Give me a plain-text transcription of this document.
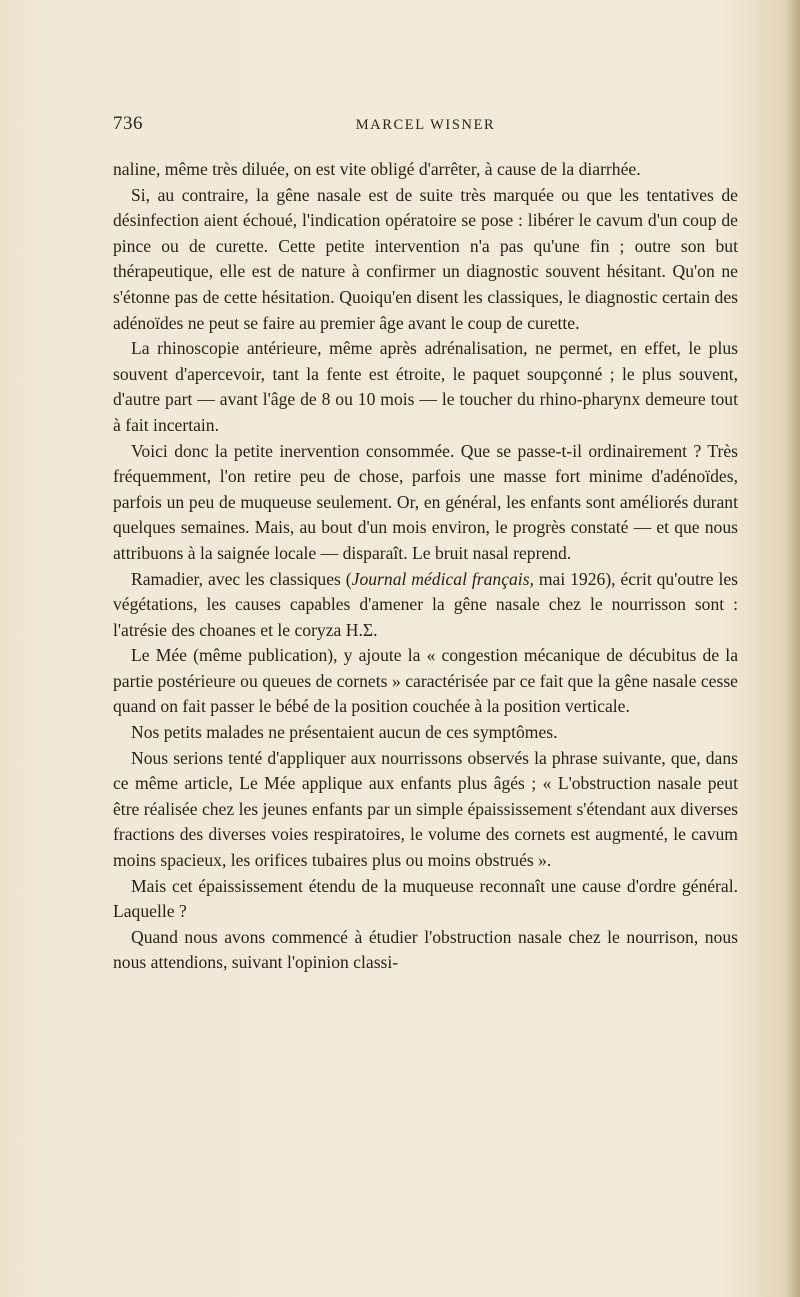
736	MARCEL WISNER

naline, même très diluée, on est vite obligé d'arrêter, à cause de la diarrhée.

Si, au contraire, la gêne nasale est de suite très marquée ou que les tentatives de désinfection aient échoué, l'indication opératoire se pose : libérer le cavum d'un coup de pince ou de curette. Cette petite intervention n'a pas qu'une fin ; outre son but thérapeutique, elle est de nature à confirmer un diagnostic souvent hésitant. Qu'on ne s'étonne pas de cette hésitation. Quoiqu'en disent les classiques, le diagnostic certain des adénoïdes ne peut se faire au premier âge avant le coup de curette.

La rhinoscopie antérieure, même après adrénalisation, ne permet, en effet, le plus souvent d'apercevoir, tant la fente est étroite, le paquet soupçonné ; le plus souvent, d'autre part — avant l'âge de 8 ou 10 mois — le toucher du rhino-pharynx demeure tout à fait incertain.

Voici donc la petite inervention consommée. Que se passe-t-il ordinairement ? Très fréquemment, l'on retire peu de chose, parfois une masse fort minime d'adénoïdes, parfois un peu de muqueuse seulement. Or, en général, les enfants sont améliorés durant quelques semaines. Mais, au bout d'un mois environ, le progrès constaté — et que nous attribuons à la saignée locale — disparaît. Le bruit nasal reprend.

Ramadier, avec les classiques (Journal médical français, mai 1926), écrit qu'outre les végétations, les causes capables d'amener la gêne nasale chez le nourrisson sont : l'atrésie des choanes et le coryza H.Σ.

Le Mée (même publication), y ajoute la « congestion mécanique de décubitus de la partie postérieure ou queues de cornets » caractérisée par ce fait que la gêne nasale cesse quand on fait passer le bébé de la position couchée à la position verticale.

Nos petits malades ne présentaient aucun de ces symptômes.

Nous serions tenté d'appliquer aux nourrissons observés la phrase suivante, que, dans ce même article, Le Mée applique aux enfants plus âgés ; « L'obstruction nasale peut être réalisée chez les jeunes enfants par un simple épaississement s'étendant aux diverses fractions des diverses voies respiratoires, le volume des cornets est augmenté, le cavum moins spacieux, les orifices tubaires plus ou moins obstrués ».

Mais cet épaississement étendu de la muqueuse reconnaît une cause d'ordre général. Laquelle ?

Quand nous avons commencé à étudier l'obstruction nasale chez le nourrison, nous nous attendions, suivant l'opinion classi-
